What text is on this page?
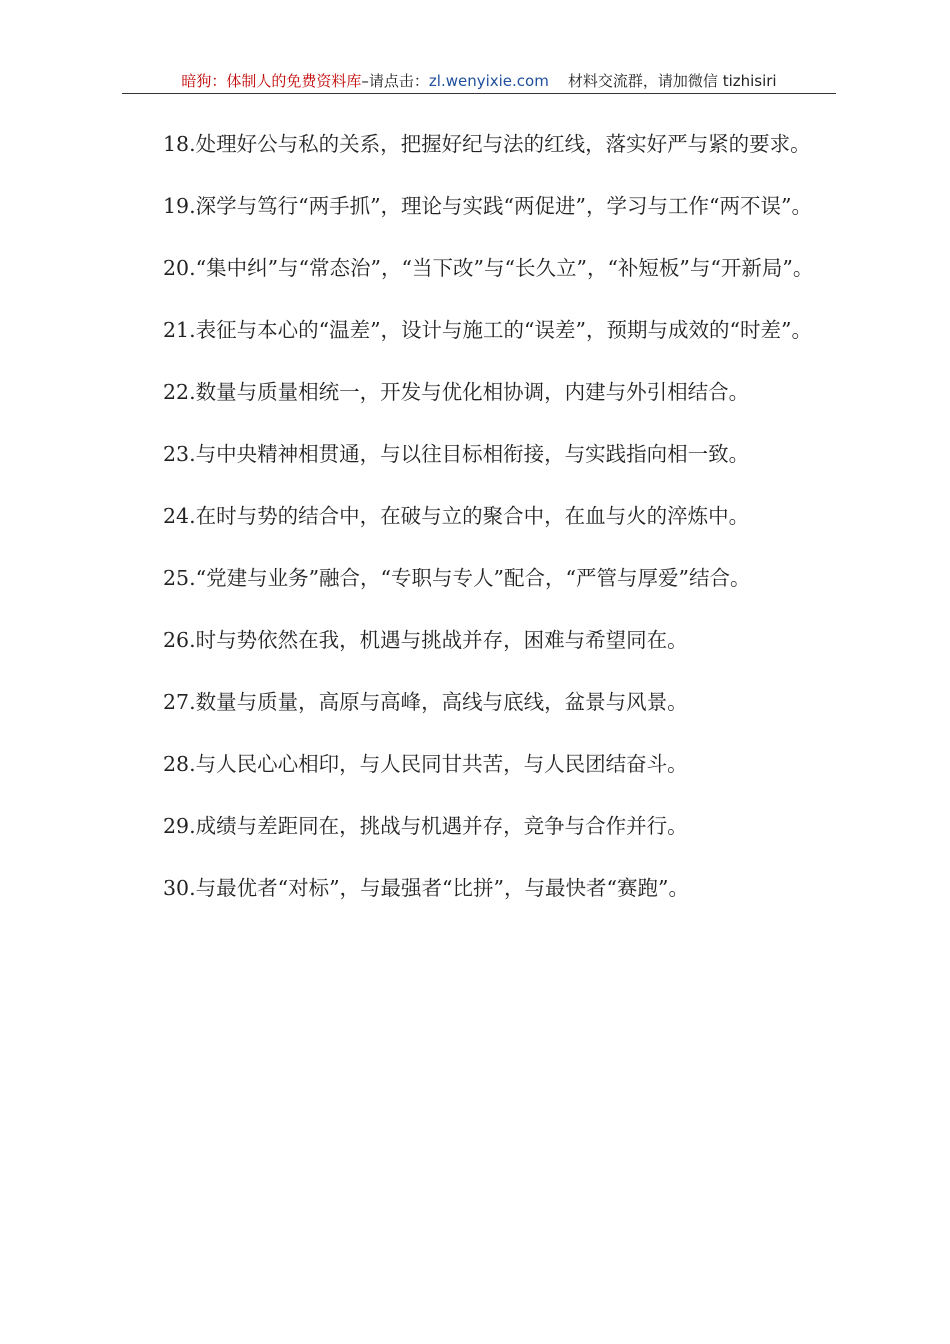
暗狗：体制人的免费资料库–请点击：zl.wenyixie.com 材料交流群，请加微信 tizhisiri

18.处理好公与私的关系，把握好纪与法的红线，落实好严与紧的要求。

19.深学与笃行“两手抓”，理论与实践“两促进”，学习与工作“两不误”。

20.“集中纠”与“常态治”，“当下改”与“长久立”，“补短板”与“开新局”。

21.表征与本心的“温差”，设计与施工的“误差”，预期与成效的“时差”。

22.数量与质量相统一，开发与优化相协调，内建与外引相结合。

23.与中央精神相贯通，与以往目标相衔接，与实践指向相一致。

24.在时与势的结合中，在破与立的聚合中，在血与火的淬炼中。

25.“党建与业务”融合，“专职与专人”配合，“严管与厚爱”结合。

26.时与势依然在我，机遇与挑战并存，困难与希望同在。

27.数量与质量，高原与高峰，高线与底线，盆景与风景。

28.与人民心心相印，与人民同甘共苦，与人民团结奋斗。

29.成绩与差距同在，挑战与机遇并存，竞争与合作并行。

30.与最优者“对标”，与最强者“比拼”，与最快者“赛跑”。
